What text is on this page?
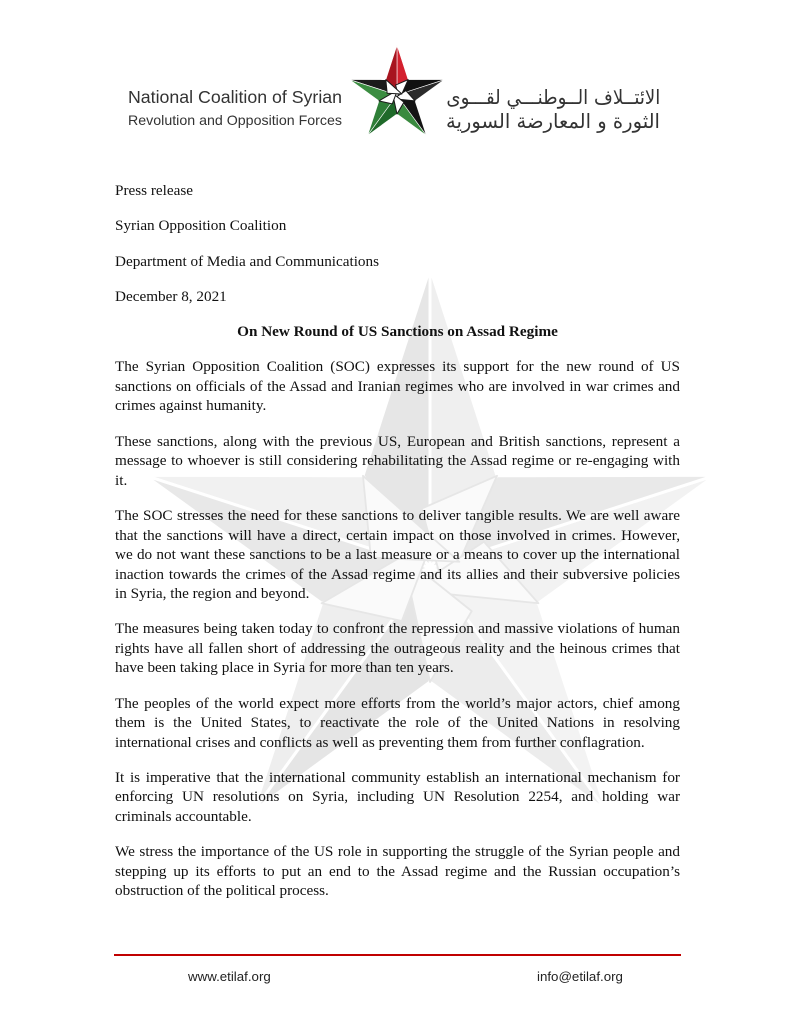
National Coalition of Syrian
Revolution and Opposition Forces
الائتــلاف الــوطنـــي لقـــوى
الثورة و المعارضة السورية
Press release
Syrian Opposition Coalition
Department of Media and Communications
December 8, 2021
On New Round of US Sanctions on Assad Regime
The Syrian Opposition Coalition (SOC) expresses its support for the new round of US
sanctions on officials of the Assad and Iranian regimes who are involved in war crimes and
crimes against humanity.
These sanctions, along with the previous US, European and British sanctions, represent a
message to whoever is still considering rehabilitating the Assad regime or re-engaging with
it.
The SOC stresses the need for these sanctions to deliver tangible results. We are well aware
that the sanctions will have a direct, certain impact on those involved in crimes. However,
we do not want these sanctions to be a last measure or a means to cover up the international
inaction towards the crimes of the Assad regime and its allies and their subversive policies
in Syria, the region and beyond.
The measures being taken today to confront the repression and massive violations of human
rights have all fallen short of addressing the outrageous reality and the heinous crimes that
have been taking place in Syria for more than ten years.
The peoples of the world expect more efforts from the world’s major actors, chief among
them is the United States, to reactivate the role of the United Nations in resolving
international crises and conflicts as well as preventing them from further conflagration.
It is imperative that the international community establish an international mechanism for
enforcing UN resolutions on Syria, including UN Resolution 2254, and holding war
criminals accountable.
We stress the importance of the US role in supporting the struggle of the Syrian people and
stepping up its efforts to put an end to the Assad regime and the Russian occupation’s
obstruction of the political process.
www.etilaf.org	info@etilaf.org
